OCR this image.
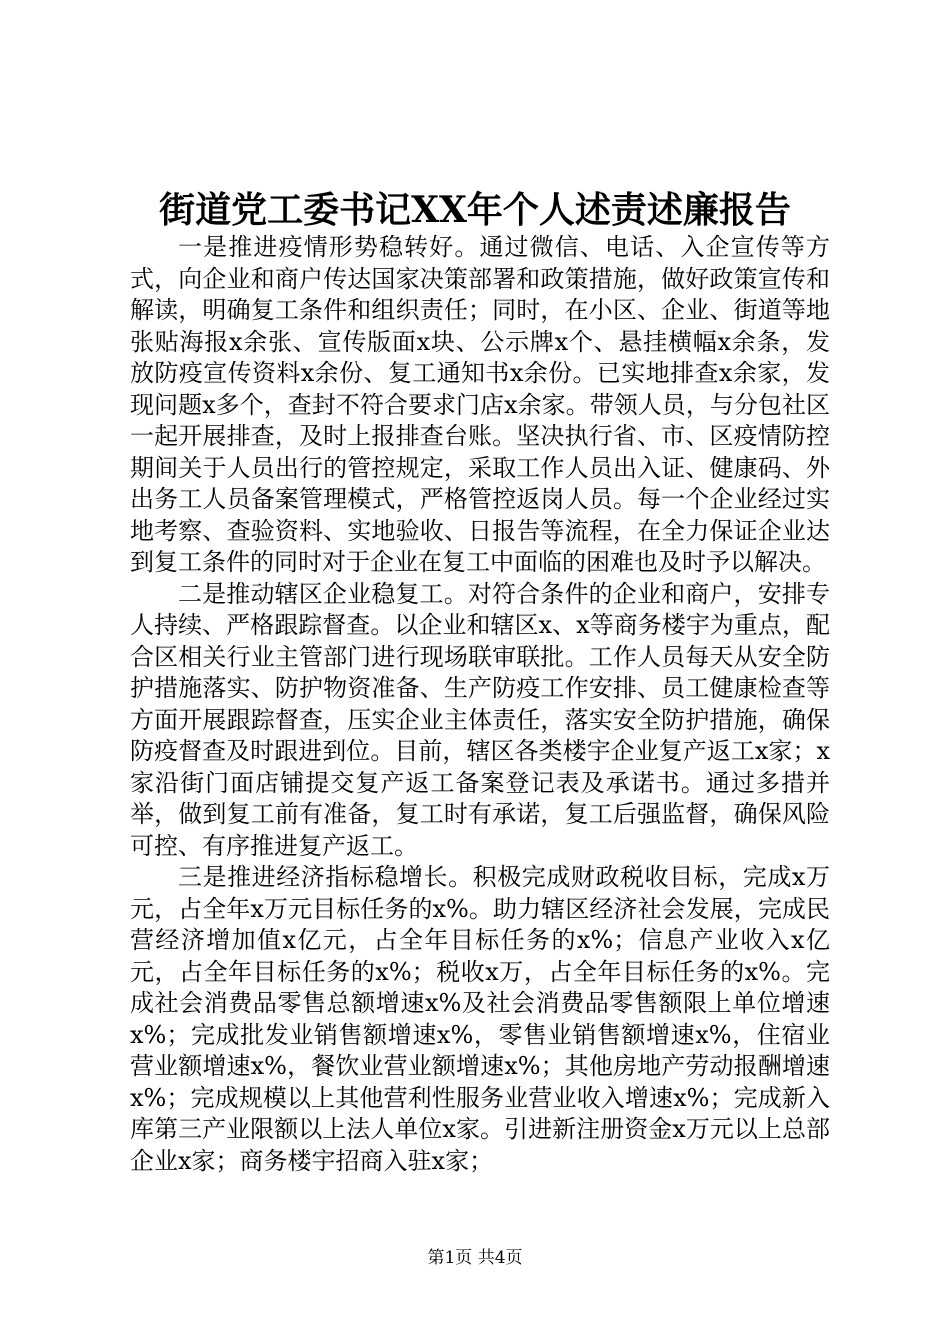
街道党工委书记XX年个人述责述廉报告

一是推进疫情形势稳转好。通过微信、电话、入企宣传等方式，向企业和商户传达国家决策部署和政策措施，做好政策宣传和解读，明确复工条件和组织责任；同时，在小区、企业、街道等地张贴海报x余张、宣传版面x块、公示牌x个、悬挂横幅x余条，发放防疫宣传资料x余份、复工通知书x余份。已实地排查x余家，发现问题x多个，查封不符合要求门店x余家。带领人员，与分包社区一起开展排查，及时上报排查台账。坚决执行省、市、区疫情防控期间关于人员出行的管控规定，采取工作人员出入证、健康码、外出务工人员备案管理模式，严格管控返岗人员。每一个企业经过实地考察、查验资料、实地验收、日报告等流程，在全力保证企业达到复工条件的同时对于企业在复工中面临的困难也及时予以解决。

二是推动辖区企业稳复工。对符合条件的企业和商户，安排专人持续、严格跟踪督查。以企业和辖区x、x等商务楼宇为重点，配合区相关行业主管部门进行现场联审联批。工作人员每天从安全防护措施落实、防护物资准备、生产防疫工作安排、员工健康检查等方面开展跟踪督查，压实企业主体责任，落实安全防护措施，确保防疫督查及时跟进到位。目前，辖区各类楼宇企业复产返工x家；x家沿街门面店铺提交复产返工备案登记表及承诺书。通过多措并举，做到复工前有准备，复工时有承诺，复工后强监督，确保风险可控、有序推进复产返工。

三是推进经济指标稳增长。积极完成财政税收目标，完成x万元，占全年x万元目标任务的x%。助力辖区经济社会发展，完成民营经济增加值x亿元，占全年目标任务的x%；信息产业收入x亿元，占全年目标任务的x%；税收x万，占全年目标任务的x%。完成社会消费品零售总额增速x%及社会消费品零售额限上单位增速x%；完成批发业销售额增速x%，零售业销售额增速x%，住宿业营业额增速x%，餐饮业营业额增速x%；其他房地产劳动报酬增速x%；完成规模以上其他营利性服务业营业收入增速x%；完成新入库第三产业限额以上法人单位x家。引进新注册资金x万元以上总部企业x家；商务楼宇招商入驻x家；

第1页 共4页
